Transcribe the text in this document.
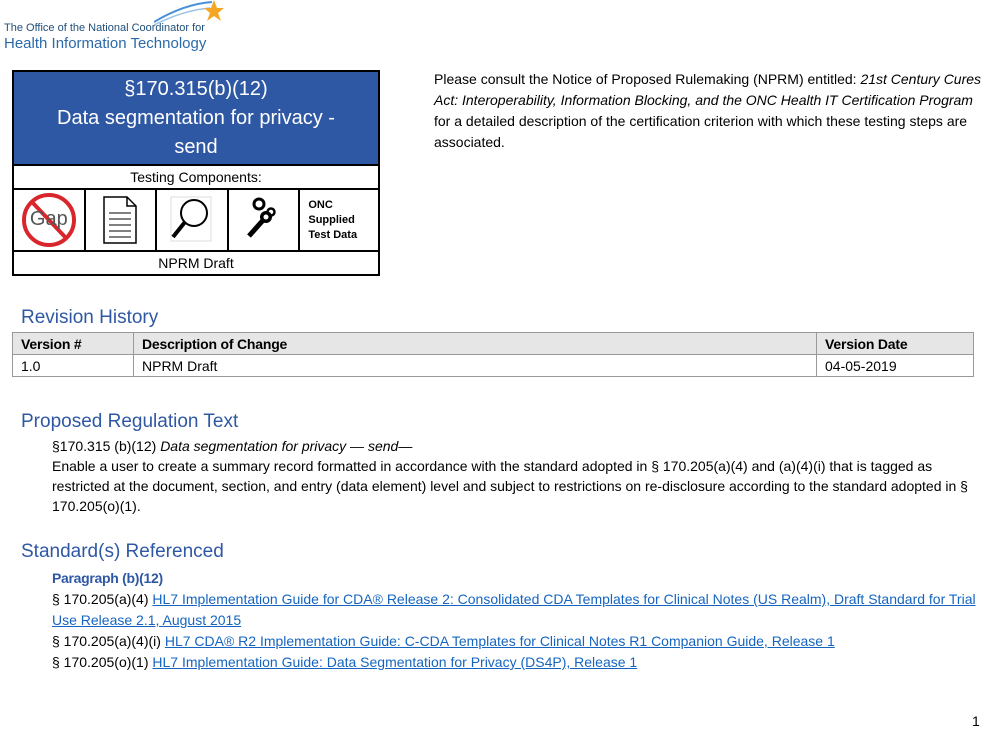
The Office of the National Coordinator for
Health Information Technology
§170.315(b)(12)
Data segmentation for privacy - send
Testing Components:
Gap
ONC
Supplied
Test Data
NPRM Draft
Please consult the Notice of Proposed Rulemaking (NPRM) entitled: 21st Century Cures Act: Interoperability, Information Blocking, and the ONC Health IT Certification Program for a detailed description of the certification criterion with which these testing steps are associated.
Revision History
Version #	Description of Change	Version Date
1.0	NPRM Draft	04-05-2019
Proposed Regulation Text
§170.315 (b)(12) Data segmentation for privacy — send—
Enable a user to create a summary record formatted in accordance with the standard adopted in § 170.205(a)(4) and (a)(4)(i) that is tagged as restricted at the document, section, and entry (data element) level and subject to restrictions on re-disclosure according to the standard adopted in § 170.205(o)(1).
Standard(s) Referenced
Paragraph (b)(12)
§ 170.205(a)(4) HL7 Implementation Guide for CDA® Release 2: Consolidated CDA Templates for Clinical Notes (US Realm), Draft Standard for Trial Use Release 2.1, August 2015
§ 170.205(a)(4)(i) HL7 CDA® R2 Implementation Guide: C-CDA Templates for Clinical Notes R1 Companion Guide, Release 1
§ 170.205(o)(1) HL7 Implementation Guide: Data Segmentation for Privacy (DS4P), Release 1
1
